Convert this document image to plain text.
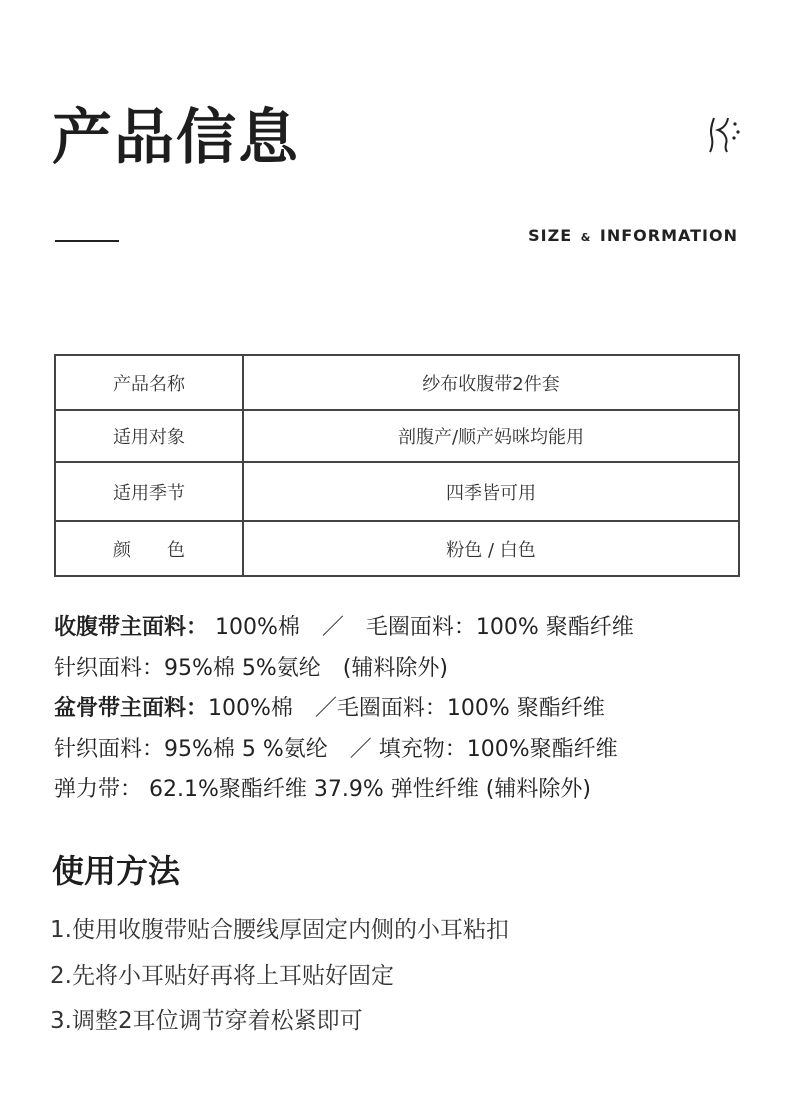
产品信息
SIZE & INFORMATION
产品名称	纱布收腹带2件套
适用对象	剖腹产/顺产妈咪均能用
适用季节	四季皆可用
颜　　色	粉色 / 白色
收腹带主面料： 100%棉　／　毛圈面料：100% 聚酯纤维
针织面料：95%棉 5%氨纶　(辅料除外)
盆骨带主面料：100%棉　／毛圈面料：100% 聚酯纤维
针织面料：95%棉 5 %氨纶　／ 填充物：100%聚酯纤维
弹力带： 62.1%聚酯纤维 37.9% 弹性纤维 (辅料除外)
使用方法
1.使用收腹带贴合腰线厚固定内侧的小耳粘扣
2.先将小耳贴好再将上耳贴好固定
3.调整2耳位调节穿着松紧即可
